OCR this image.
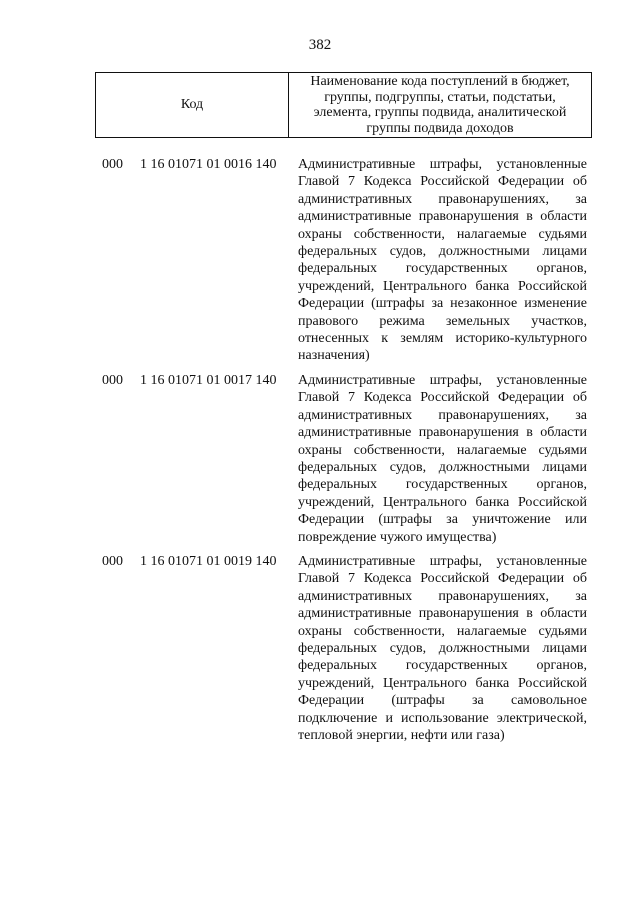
382
Код
Наименование кода поступлений в бюджет, группы, подгруппы, статьи, подстатьи, элемента, группы подвида, аналитической группы подвида доходов
000 1 16 01071 01 0016 140 Административные штрафы, установленные Главой 7 Кодекса Российской Федерации об административных правонарушениях, за административные правонарушения в области охраны собственности, налагаемые судьями федеральных судов, должностными лицами федеральных государственных органов, учреждений, Центрального банка Российской Федерации (штрафы за незаконное изменение правового режима земельных участков, отнесенных к землям историко-культурного назначения)
000 1 16 01071 01 0017 140 Административные штрафы, установленные Главой 7 Кодекса Российской Федерации об административных правонарушениях, за административные правонарушения в области охраны собственности, налагаемые судьями федеральных судов, должностными лицами федеральных государственных органов, учреждений, Центрального банка Российской Федерации (штрафы за уничтожение или повреждение чужого имущества)
000 1 16 01071 01 0019 140 Административные штрафы, установленные Главой 7 Кодекса Российской Федерации об административных правонарушениях, за административные правонарушения в области охраны собственности, налагаемые судьями федеральных судов, должностными лицами федеральных государственных органов, учреждений, Центрального банка Российской Федерации (штрафы за самовольное подключение и использование электрической, тепловой энергии, нефти или газа)
